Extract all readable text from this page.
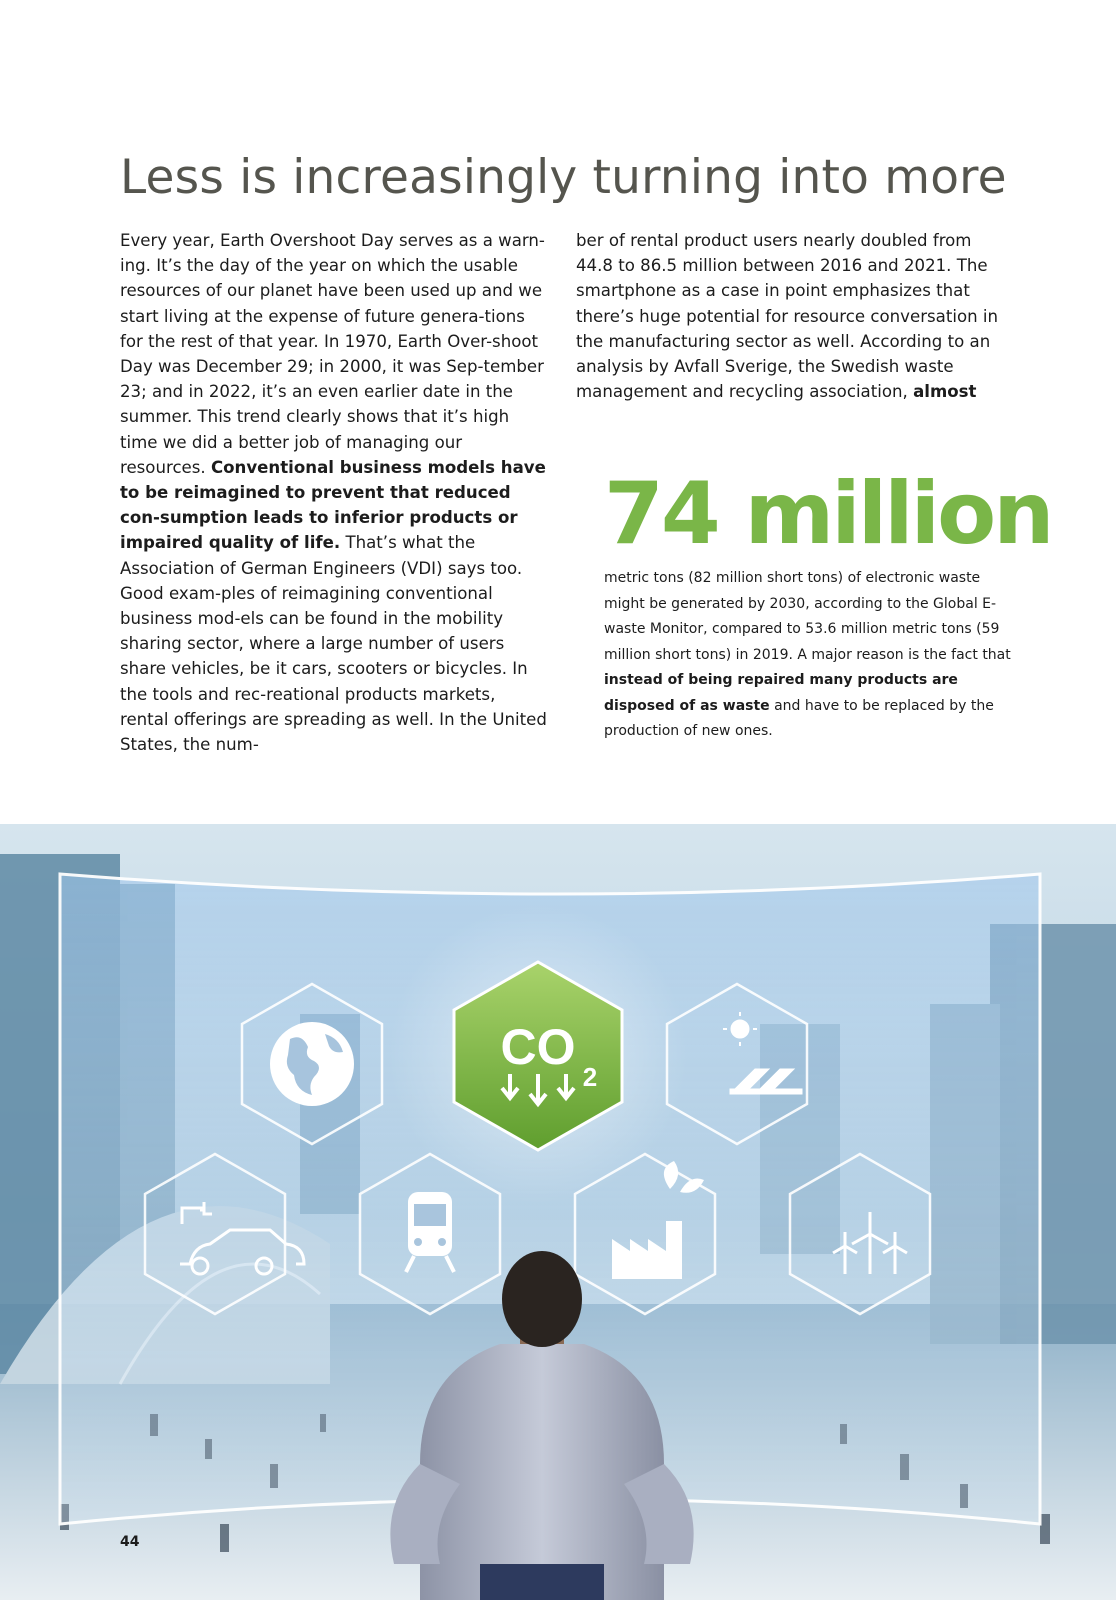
Less is increasingly turning into more

Every year, Earth Overshoot Day serves as a warn-ing. It’s the day of the year on which the usable resources of our planet have been used up and we start living at the expense of future genera-tions for the rest of that year. In 1970, Earth Over-shoot Day was December 29; in 2000, it was Sep-tember 23; and in 2022, it’s an even earlier date in the summer. This trend clearly shows that it’s high time we did a better job of managing our resources. Conventional business models have to be reimagined to prevent that reduced con-sumption leads to inferior products or impaired quality of life. That’s what the Association of German Engineers (VDI) says too. Good exam-ples of reimagining conventional business mod-els can be found in the mobility sharing sector, where a large number of users share vehicles, be it cars, scooters or bicycles. In the tools and rec-reational products markets, rental offerings are spreading as well. In the United States, the num-

ber of rental product users nearly doubled from 44.8 to 86.5 million between 2016 and 2021. The smartphone as a case in point emphasizes that there’s huge potential for resource conversation in the manufacturing sector as well. According to an analysis by Avfall Sverige, the Swedish waste management and recycling association, almost

74 million
metric tons (82 million short tons) of electronic waste might be generated by 2030, according to the Global E-waste Monitor, compared to 53.6 million metric tons (59 million short tons) in 2019. A major reason is the fact that instead of being repaired many products are disposed of as waste and have to be replaced by the production of new ones.
CO
2
44
